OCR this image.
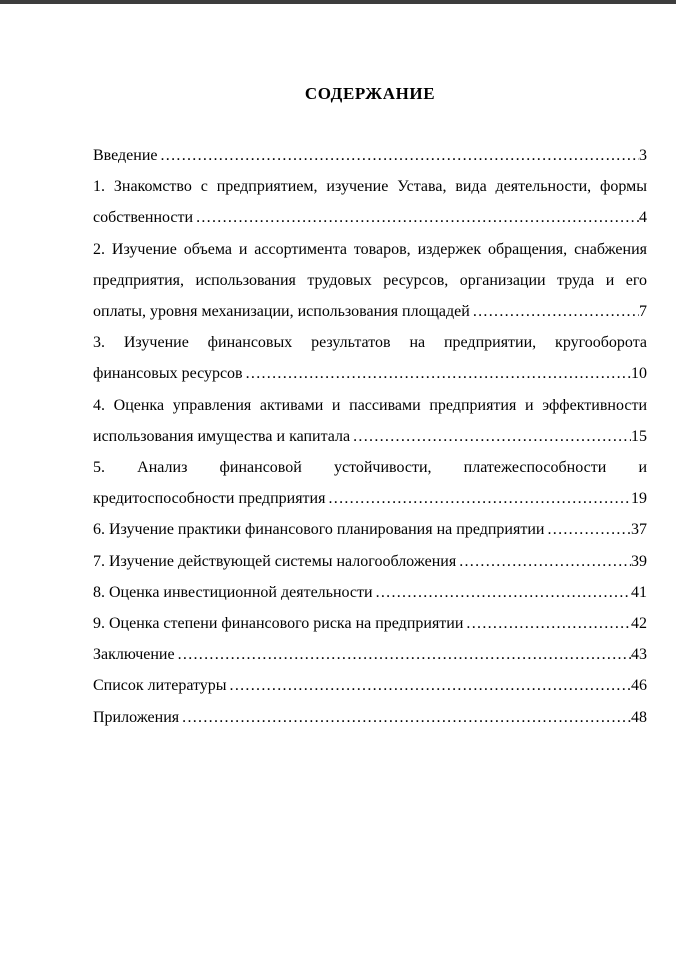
СОДЕРЖАНИЕ
Введение .....	3
1. Знакомство с предприятием, изучение Устава, вида деятельности, формы
собственности .....	4
2. Изучение объема и ассортимента товаров, издержек обращения, снабжения
предприятия, использования трудовых ресурсов, организации труда и его
оплаты, уровня механизации, использования площадей .....	7
3. Изучение финансовых результатов на предприятии, кругооборота
финансовых ресурсов .....	10
4. Оценка управления активами и пассивами предприятия и эффективности
использования имущества и капитала .....	15
5. Анализ финансовой устойчивости, платежеспособности и
кредитоспособности предприятия .....	19
6. Изучение практики финансового планирования на предприятии .....	37
7. Изучение действующей системы налогообложения .....	39
8. Оценка инвестиционной деятельности .....	41
9. Оценка степени финансового риска на предприятии .....	42
Заключение .....	43
Список литературы .....	46
Приложения .....	48
